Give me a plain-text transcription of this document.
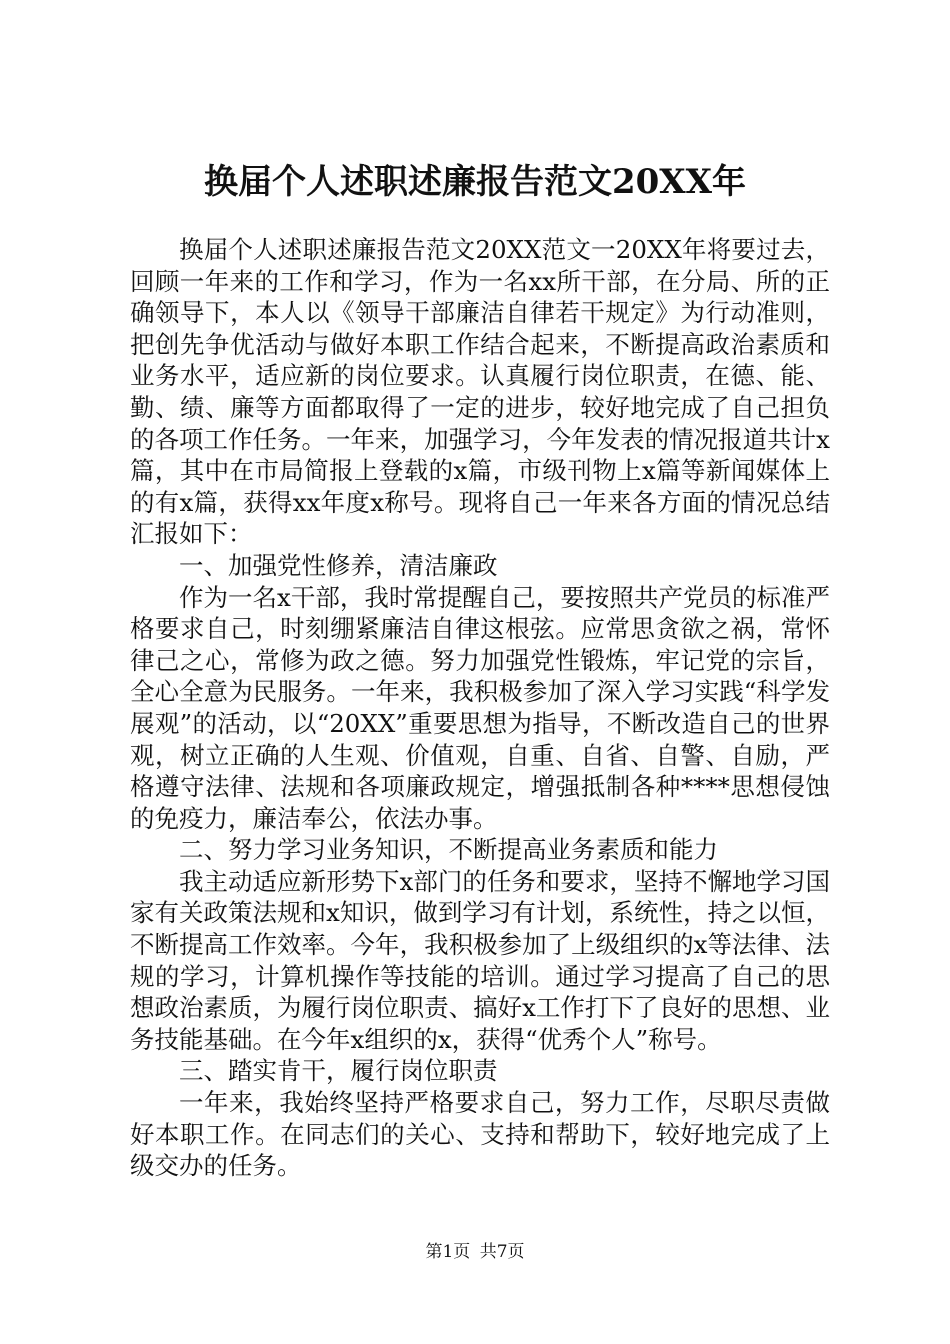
换届个人述职述廉报告范文20XX年

换届个人述职述廉报告范文20XX范文一20XX年将要过去，回顾一年来的工作和学习，作为一名xx所干部，在分局、所的正确领导下，本人以《领导干部廉洁自律若干规定》为行动准则，把创先争优活动与做好本职工作结合起来，不断提高政治素质和业务水平，适应新的岗位要求。认真履行岗位职责，在德、能、勤、绩、廉等方面都取得了一定的进步，较好地完成了自己担负的各项工作任务。一年来，加强学习，今年发表的情况报道共计x篇，其中在市局简报上登载的x篇，市级刊物上x篇等新闻媒体上的有x篇，获得xx年度x称号。现将自己一年来各方面的情况总结汇报如下：

一、加强党性修养，清洁廉政

作为一名x干部，我时常提醒自己，要按照共产党员的标准严格要求自己，时刻绷紧廉洁自律这根弦。应常思贪欲之祸，常怀律己之心，常修为政之德。努力加强党性锻炼，牢记党的宗旨，全心全意为民服务。一年来，我积极参加了深入学习实践“科学发展观”的活动，以“20XX”重要思想为指导，不断改造自己的世界观，树立正确的人生观、价值观，自重、自省、自警、自励，严格遵守法律、法规和各项廉政规定，增强抵制各种****思想侵蚀的免疫力，廉洁奉公，依法办事。

二、努力学习业务知识，不断提高业务素质和能力

我主动适应新形势下x部门的任务和要求，坚持不懈地学习国家有关政策法规和x知识，做到学习有计划，系统性，持之以恒，不断提高工作效率。今年，我积极参加了上级组织的x等法律、法规的学习，计算机操作等技能的培训。通过学习提高了自己的思想政治素质，为履行岗位职责、搞好x工作打下了良好的思想、业务技能基础。在今年x组织的x，获得“优秀个人”称号。

三、踏实肯干，履行岗位职责

一年来，我始终坚持严格要求自己，努力工作，尽职尽责做好本职工作。在同志们的关心、支持和帮助下，较好地完成了上级交办的任务。

第1页 共7页
